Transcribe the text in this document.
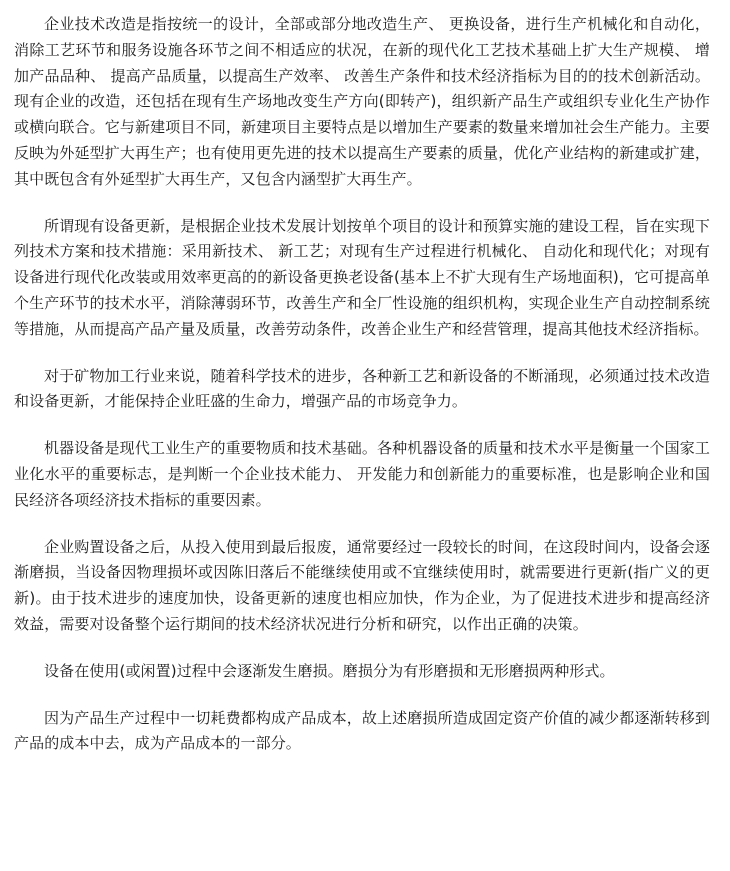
企业技术改造是指按统一的设计，全部或部分地改造生产、 更换设备，进行生产机械化和自动化，消除工艺环节和服务设施各环节之间不相适应的状况，在新的现代化工艺技术基础上扩大生产规模、 增加产品品种、 提高产品质量，以提高生产效率、 改善生产条件和技术经济指标为目的的技术创新活动。现有企业的改造，还包括在现有生产场地改变生产方向(即转产)，组织新产品生产或组织专业化生产协作或横向联合。它与新建项目不同，新建项目主要特点是以增加生产要素的数量来增加社会生产能力。主要反映为外延型扩大再生产；也有使用更先进的技术以提高生产要素的质量，优化产业结构的新建或扩建，其中既包含有外延型扩大再生产，又包含内涵型扩大再生产。

所谓现有设备更新，是根据企业技术发展计划按单个项目的设计和预算实施的建设工程，旨在实现下列技术方案和技术措施：采用新技术、 新工艺；对现有生产过程进行机械化、 自动化和现代化；对现有设备进行现代化改装或用效率更高的的新设备更换老设备(基本上不扩大现有生产场地面积)，它可提高单个生产环节的技术水平，消除薄弱环节，改善生产和全厂性设施的组织机构，实现企业生产自动控制系统等措施，从而提高产品产量及质量，改善劳动条件，改善企业生产和经营管理，提高其他技术经济指标。

对于矿物加工行业来说，随着科学技术的进步，各种新工艺和新设备的不断涌现，必须通过技术改造和设备更新，才能保持企业旺盛的生命力，增强产品的市场竞争力。

机器设备是现代工业生产的重要物质和技术基础。各种机器设备的质量和技术水平是衡量一个国家工业化水平的重要标志，是判断一个企业技术能力、 开发能力和创新能力的重要标准，也是影响企业和国民经济各项经济技术指标的重要因素。

企业购置设备之后，从投入使用到最后报废，通常要经过一段较长的时间，在这段时间内，设备会逐渐磨损，当设备因物理损坏或因陈旧落后不能继续使用或不宜继续使用时，就需要进行更新(指广义的更新)。由于技术进步的速度加快，设备更新的速度也相应加快，作为企业，为了促进技术进步和提高经济效益，需要对设备整个运行期间的技术经济状况进行分析和研究，以作出正确的决策。

设备在使用(或闲置)过程中会逐渐发生磨损。磨损分为有形磨损和无形磨损两种形式。

因为产品生产过程中一切耗费都构成产品成本，故上述磨损所造成固定资产价值的减少都逐渐转移到产品的成本中去，成为产品成本的一部分。
